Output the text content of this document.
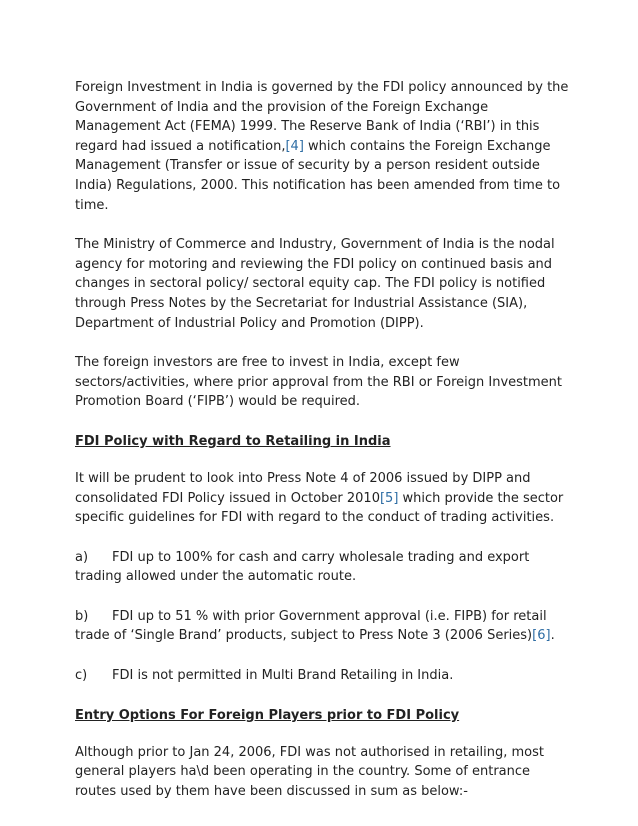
Foreign Investment in India is governed by the FDI policy announced by the Government of India and the provision of the Foreign Exchange Management Act (FEMA) 1999. The Reserve Bank of India (‘RBI’) in this regard had issued a notification,[4] which contains the Foreign Exchange Management (Transfer or issue of security by a person resident outside India) Regulations, 2000. This notification has been amended from time to time.

The Ministry of Commerce and Industry, Government of India is the nodal agency for motoring and reviewing the FDI policy on continued basis and changes in sectoral policy/ sectoral equity cap. The FDI policy is notified through Press Notes by the Secretariat for Industrial Assistance (SIA), Department of Industrial Policy and Promotion (DIPP).

The foreign investors are free to invest in India, except few sectors/activities, where prior approval from the RBI or Foreign Investment Promotion Board (‘FIPB’) would be required.

FDI Policy with Regard to Retailing in India

It will be prudent to look into Press Note 4 of 2006 issued by DIPP and consolidated FDI Policy issued in October 2010[5] which provide the sector specific guidelines for FDI with regard to the conduct of trading activities.

a) FDI up to 100% for cash and carry wholesale trading and export trading allowed under the automatic route.

b) FDI up to 51 % with prior Government approval (i.e. FIPB) for retail trade of ‘Single Brand’ products, subject to Press Note 3 (2006 Series)[6].

c) FDI is not permitted in Multi Brand Retailing in India.

Entry Options For Foreign Players prior to FDI Policy

Although prior to Jan 24, 2006, FDI was not authorised in retailing, most general players ha\d been operating in the country. Some of entrance routes used by them have been discussed in sum as below:-
